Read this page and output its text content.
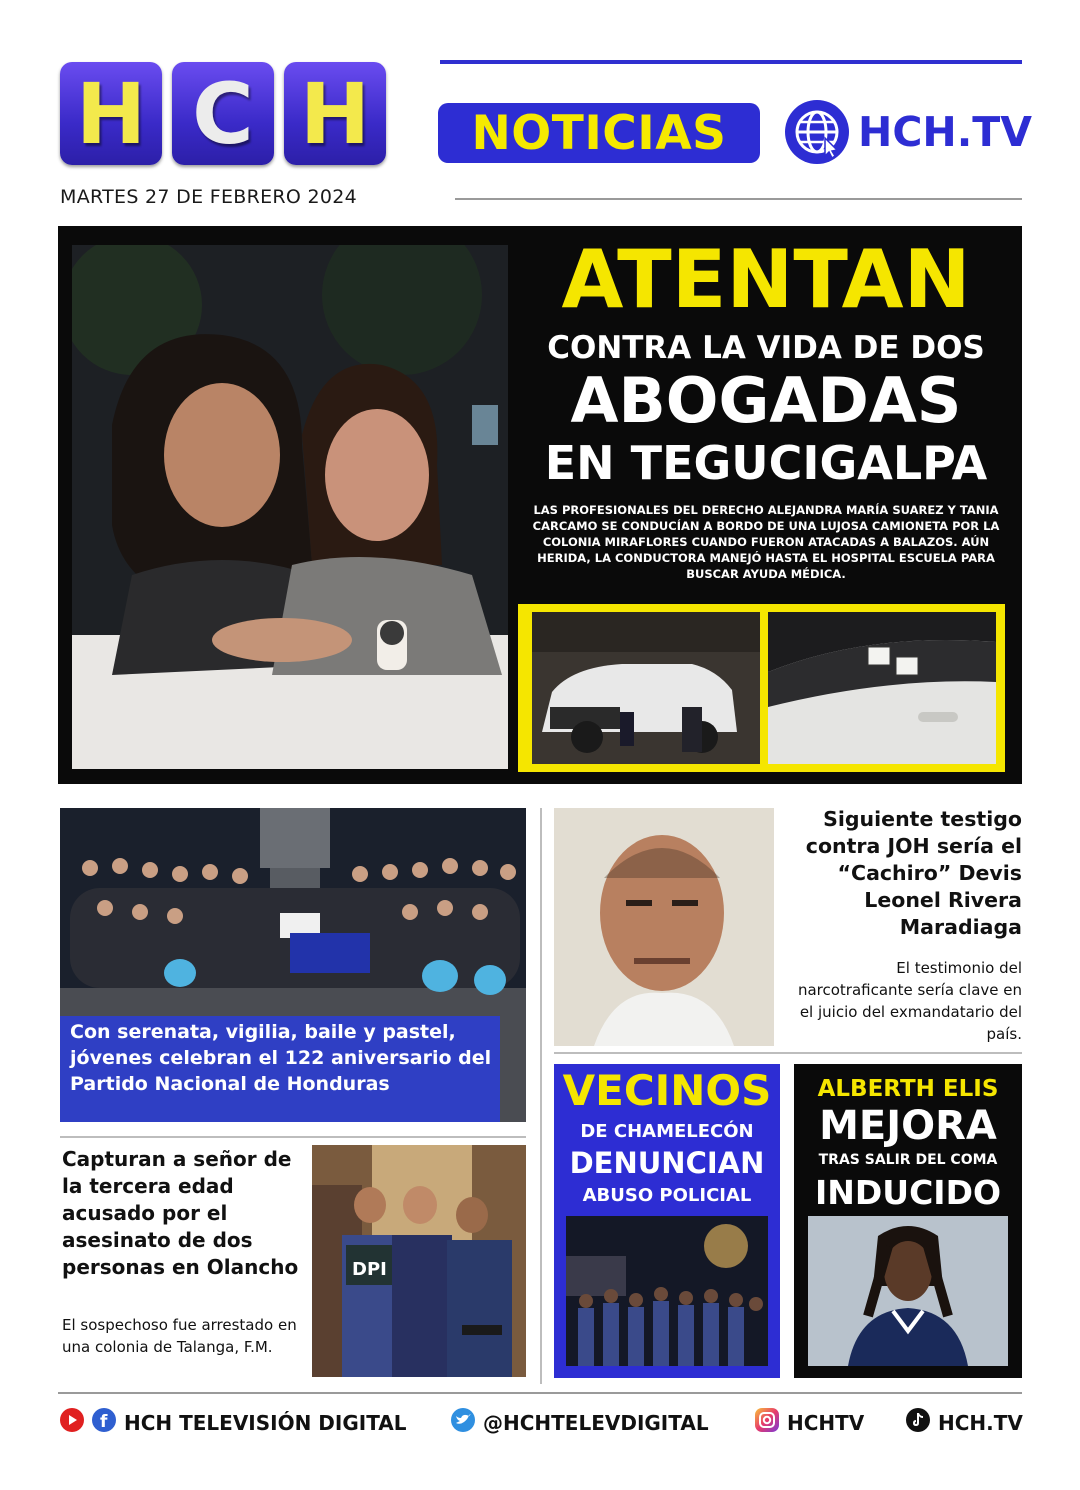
H C H	NOTICIAS	HCH.TV
MARTES 27 DE FEBRERO 2024
ATENTAN
CONTRA LA VIDA DE DOS
ABOGADAS
EN TEGUCIGALPA
LAS PROFESIONALES DEL DERECHO ALEJANDRA MARÍA SUAREZ Y TANIA CARCAMO SE CONDUCÍAN A BORDO DE UNA LUJOSA CAMIONETA POR LA COLONIA MIRAFLORES CUANDO FUERON ATACADAS A BALAZOS. AÚN HERIDA, LA CONDUCTORA MANEJÓ HASTA EL HOSPITAL ESCUELA PARA BUSCAR AYUDA MÉDICA.
Con serenata, vigilia, baile y pastel, jóvenes celebran el 122 aniversario del Partido Nacional de Honduras
Siguiente testigo contra JOH sería el “Cachiro” Devis Leonel Rivera Maradiaga
El testimonio del narcotraficante sería clave en el juicio del exmandatario del país.
Capturan a señor de la tercera edad acusado por el asesinato de dos personas en Olancho
El sospechoso fue arrestado en una colonia de Talanga, F.M.
DPI
VECINOS
DE CHAMELECÓN
DENUNCIAN
ABUSO POLICIAL
ALBERTH ELIS
MEJORA
TRAS SALIR DEL COMA
INDUCIDO
f HCH TELEVISIÓN DIGITAL	@HCHTELEVDIGITAL	HCHTV	HCH.TV
